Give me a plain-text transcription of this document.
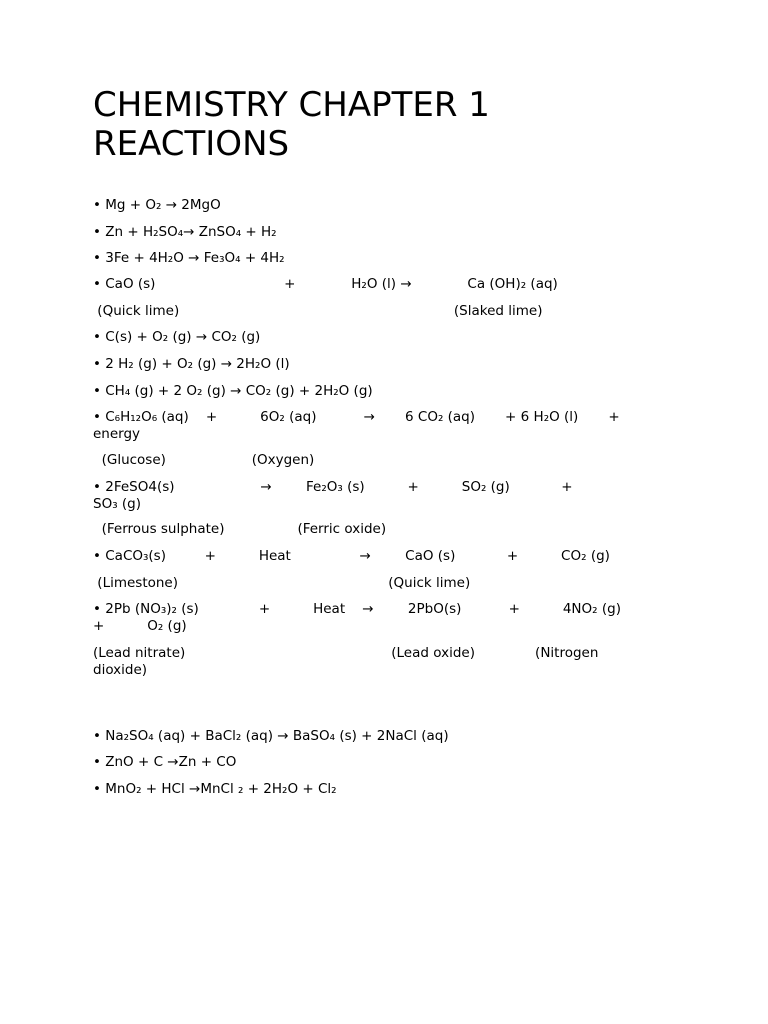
CHEMISTRY CHAPTER 1
REACTIONS
• Mg + O₂ → 2MgO
• Zn + H₂SO₄→ ZnSO₄ + H₂
• 3Fe + 4H₂O → Fe₃O₄ + 4H₂
• CaO (s)                              +             H₂O (l) →             Ca (OH)₂ (aq)
(Quick lime)                                                                (Slaked lime)
• C(s) + O₂ (g) → CO₂ (g)
• 2 H₂ (g) + O₂ (g) → 2H₂O (l)
• CH₄ (g) + 2 O₂ (g) → CO₂ (g) + 2H₂O (g)
• C₆H₁₂O₆ (aq)    +          6O₂ (aq)           →       6 CO₂ (aq)       + 6 H₂O (l)       +
energy
(Glucose)                    (Oxygen)
• 2FeSO4(s)                    →        Fe₂O₃ (s)          +          SO₂ (g)            +
SO₃ (g)
(Ferrous sulphate)                 (Ferric oxide)
• CaCO₃(s)         +          Heat                →        CaO (s)            +          CO₂ (g)
(Limestone)                                                 (Quick lime)
• 2Pb (NO₃)₂ (s)              +          Heat    →        2PbO(s)           +          4NO₂ (g)
+          O₂ (g)
(Lead nitrate)                                                (Lead oxide)              (Nitrogen
dioxide)
• Na₂SO₄ (aq) + BaCl₂ (aq) → BaSO₄ (s) + 2NaCl (aq)
• ZnO + C →Zn + CO
• MnO₂ + HCl →MnCl ₂ + 2H₂O + Cl₂
